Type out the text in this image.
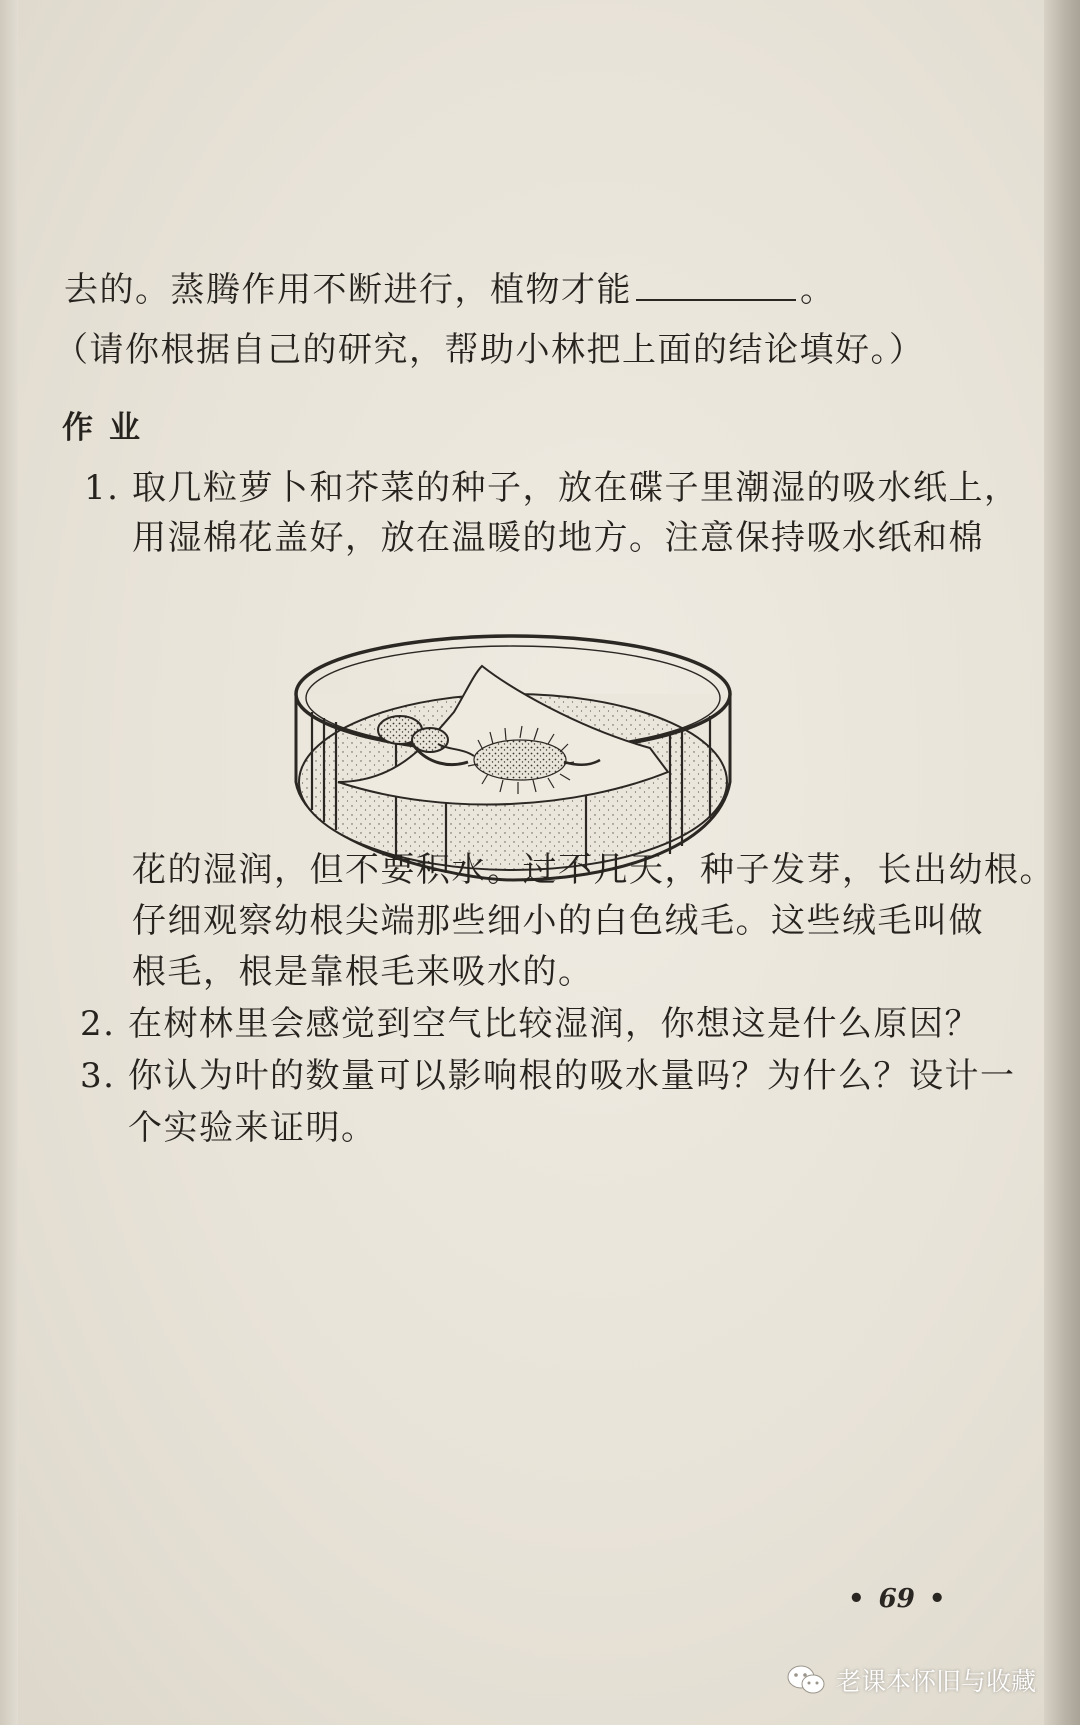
去的。蒸腾作用不断进行，植物才能	。
（请你根据自己的研究，帮助小林把上面的结论填好。）
作业
1. 取几粒萝卜和芥菜的种子，放在碟子里潮湿的吸水纸上，
用湿棉花盖好，放在温暖的地方。注意保持吸水纸和棉
花的湿润，但不要积水。过不几天，种子发芽，长出幼根。
仔细观察幼根尖端那些细小的白色绒毛。这些绒毛叫做
根毛，根是靠根毛来吸水的。
2. 在树林里会感觉到空气比较湿润，你想这是什么原因？
3. 你认为叶的数量可以影响根的吸水量吗？为什么？设计一
个实验来证明。
• 69 •
老课本怀旧与收藏
